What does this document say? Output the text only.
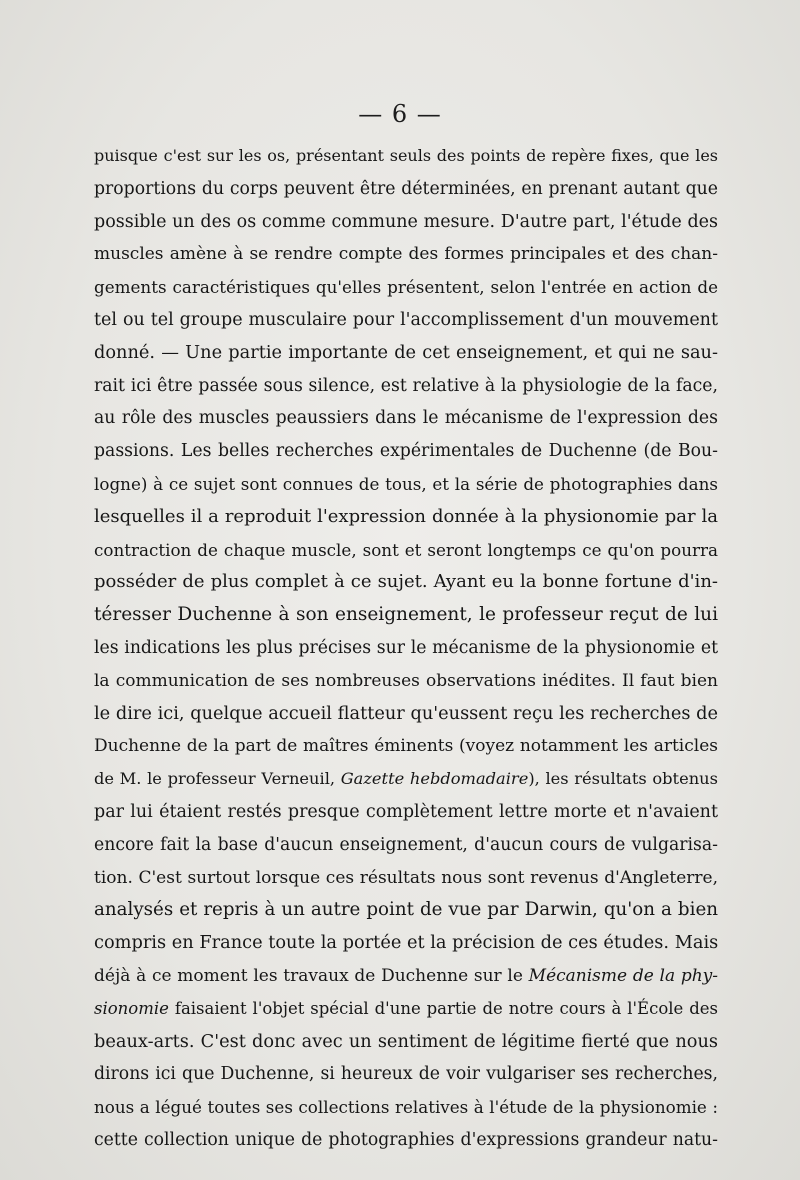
— 6 —
puisque c'est sur les os, présentant seuls des points de repère fixes, que les
proportions du corps peuvent être déterminées, en prenant autant que
possible un des os comme commune mesure. D'autre part, l'étude des
muscles amène à se rendre compte des formes principales et des chan-
gements caractéristiques qu'elles présentent, selon l'entrée en action de
tel ou tel groupe musculaire pour l'accomplissement d'un mouvement
donné. — Une partie importante de cet enseignement, et qui ne sau-
rait ici être passée sous silence, est relative à la physiologie de la face,
au rôle des muscles peaussiers dans le mécanisme de l'expression des
passions. Les belles recherches expérimentales de Duchenne (de Bou-
logne) à ce sujet sont connues de tous, et la série de photographies dans
lesquelles il a reproduit l'expression donnée à la physionomie par la
contraction de chaque muscle, sont et seront longtemps ce qu'on pourra
posséder de plus complet à ce sujet. Ayant eu la bonne fortune d'in-
téresser Duchenne à son enseignement, le professeur reçut de lui
les indications les plus précises sur le mécanisme de la physionomie et
la communication de ses nombreuses observations inédites. Il faut bien
le dire ici, quelque accueil flatteur qu'eussent reçu les recherches de
Duchenne de la part de maîtres éminents (voyez notamment les articles
de M. le professeur Verneuil, Gazette hebdomadaire), les résultats obtenus
par lui étaient restés presque complètement lettre morte et n'avaient
encore fait la base d'aucun enseignement, d'aucun cours de vulgarisa-
tion. C'est surtout lorsque ces résultats nous sont revenus d'Angleterre,
analysés et repris à un autre point de vue par Darwin, qu'on a bien
compris en France toute la portée et la précision de ces études. Mais
déjà à ce moment les travaux de Duchenne sur le Mécanisme de la phy-
sionomie faisaient l'objet spécial d'une partie de notre cours à l'École des
beaux-arts. C'est donc avec un sentiment de légitime fierté que nous
dirons ici que Duchenne, si heureux de voir vulgariser ses recherches,
nous a légué toutes ses collections relatives à l'étude de la physionomie :
cette collection unique de photographies d'expressions grandeur natu-
